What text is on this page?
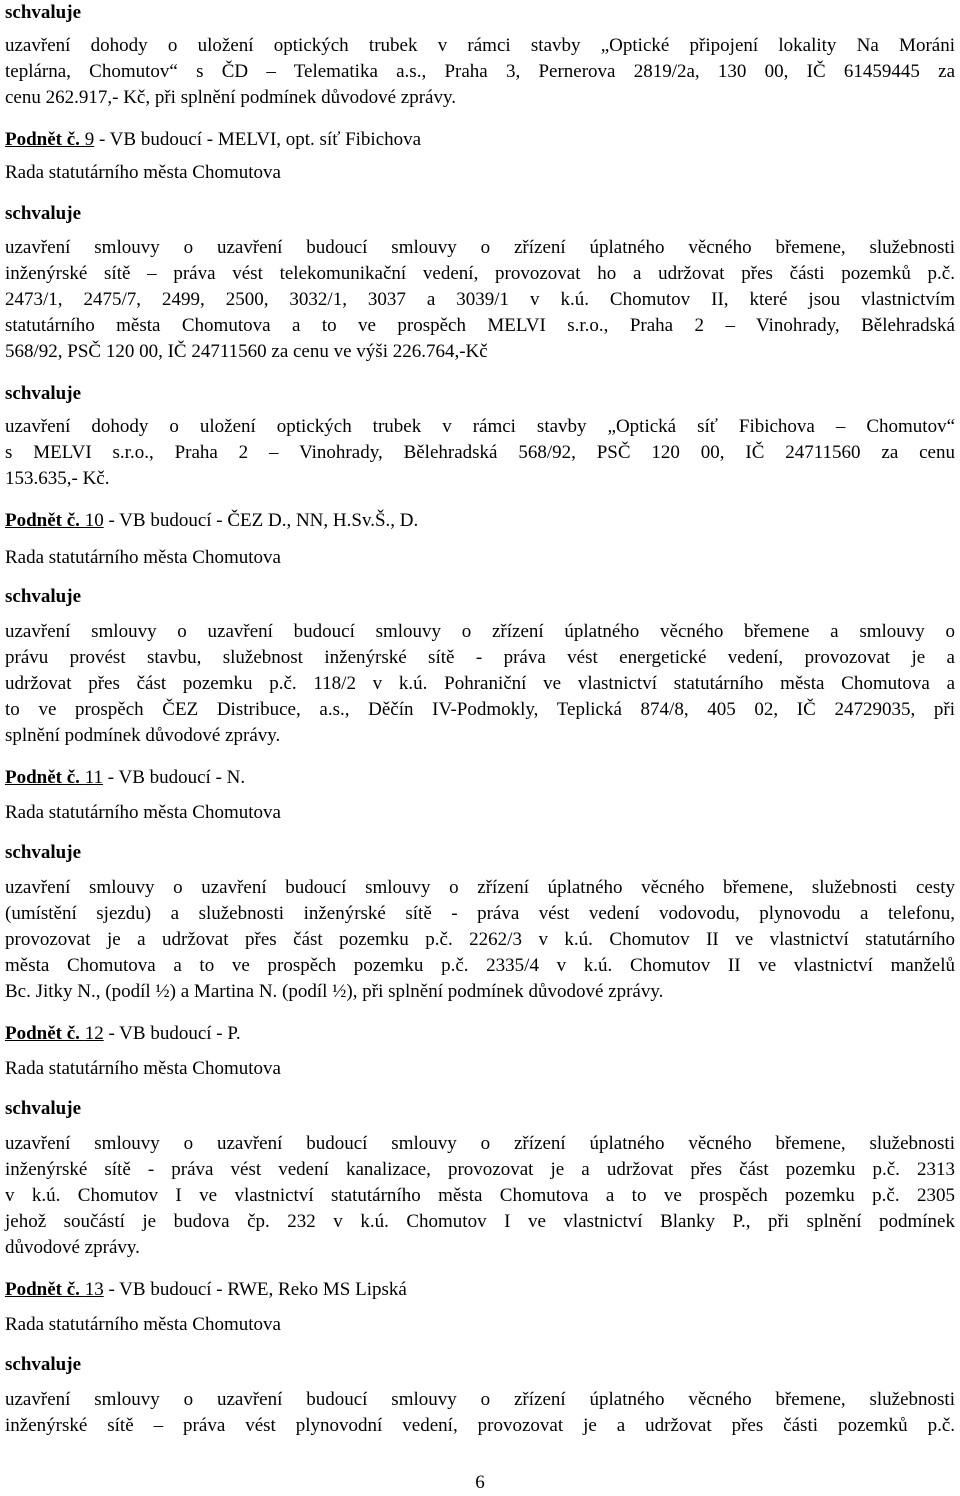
schvaluje
uzavření dohody o uložení optických trubek v rámci stavby „Optické připojení lokality Na Moráni
teplárna, Chomutov“ s ČD – Telematika a.s., Praha 3, Pernerova 2819/2a, 130 00, IČ 61459445 za
cenu 262.917,- Kč, při splnění podmínek důvodové zprávy.
Podnět č. 9 - VB budoucí - MELVI, opt. síť Fibichova
Rada statutárního města Chomutova
schvaluje
uzavření smlouvy o uzavření budoucí smlouvy o zřízení úplatného věcného břemene, služebnosti
inženýrské sítě – práva vést telekomunikační vedení, provozovat ho a udržovat přes části pozemků p.č.
2473/1, 2475/7, 2499, 2500, 3032/1, 3037 a 3039/1 v k.ú. Chomutov II, které jsou vlastnictvím
statutárního města Chomutova a to ve prospěch MELVI s.r.o., Praha 2 – Vinohrady, Bělehradská
568/92, PSČ 120 00, IČ 24711560 za cenu ve výši 226.764,-Kč
schvaluje
uzavření dohody o uložení optických trubek v rámci stavby „Optická síť Fibichova – Chomutov“
s MELVI s.r.o., Praha 2 – Vinohrady, Bělehradská 568/92, PSČ 120 00, IČ 24711560 za cenu
153.635,- Kč.
Podnět č. 10 - VB budoucí - ČEZ D., NN, H.Sv.Š., D.
Rada statutárního města Chomutova
schvaluje
uzavření smlouvy o uzavření budoucí smlouvy o zřízení úplatného věcného břemene a smlouvy o
právu provést stavbu, služebnost inženýrské sítě - práva vést energetické vedení, provozovat je a
udržovat přes část pozemku p.č. 118/2 v k.ú. Pohraniční ve vlastnictví statutárního města Chomutova a
to ve prospěch ČEZ Distribuce, a.s., Děčín IV-Podmokly, Teplická 874/8, 405 02, IČ 24729035, při
splnění podmínek důvodové zprávy.
Podnět č. 11 - VB budoucí - N.
Rada statutárního města Chomutova
schvaluje
uzavření smlouvy o uzavření budoucí smlouvy o zřízení úplatného věcného břemene, služebnosti cesty
(umístění sjezdu) a služebnosti inženýrské sítě - práva vést vedení vodovodu, plynovodu a telefonu,
provozovat je a udržovat přes část pozemku p.č. 2262/3 v k.ú. Chomutov II ve vlastnictví statutárního
města Chomutova a to ve prospěch pozemku p.č. 2335/4 v k.ú. Chomutov II ve vlastnictví manželů
Bc. Jitky N., (podíl ½) a Martina N. (podíl ½), při splnění podmínek důvodové zprávy.
Podnět č. 12 - VB budoucí - P.
Rada statutárního města Chomutova
schvaluje
uzavření smlouvy o uzavření budoucí smlouvy o zřízení úplatného věcného břemene, služebnosti
inženýrské sítě - práva vést vedení kanalizace, provozovat je a udržovat přes část pozemku p.č. 2313
v k.ú. Chomutov I ve vlastnictví statutárního města Chomutova a to ve prospěch pozemku p.č. 2305
jehož součástí je budova čp. 232 v k.ú. Chomutov I ve vlastnictví Blanky P., při splnění podmínek
důvodové zprávy.
Podnět č. 13 - VB budoucí - RWE, Reko MS Lipská
Rada statutárního města Chomutova
schvaluje
uzavření smlouvy o uzavření budoucí smlouvy o zřízení úplatného věcného břemene, služebnosti
inženýrské sítě – práva vést plynovodní vedení, provozovat je a udržovat přes části pozemků p.č.
6
